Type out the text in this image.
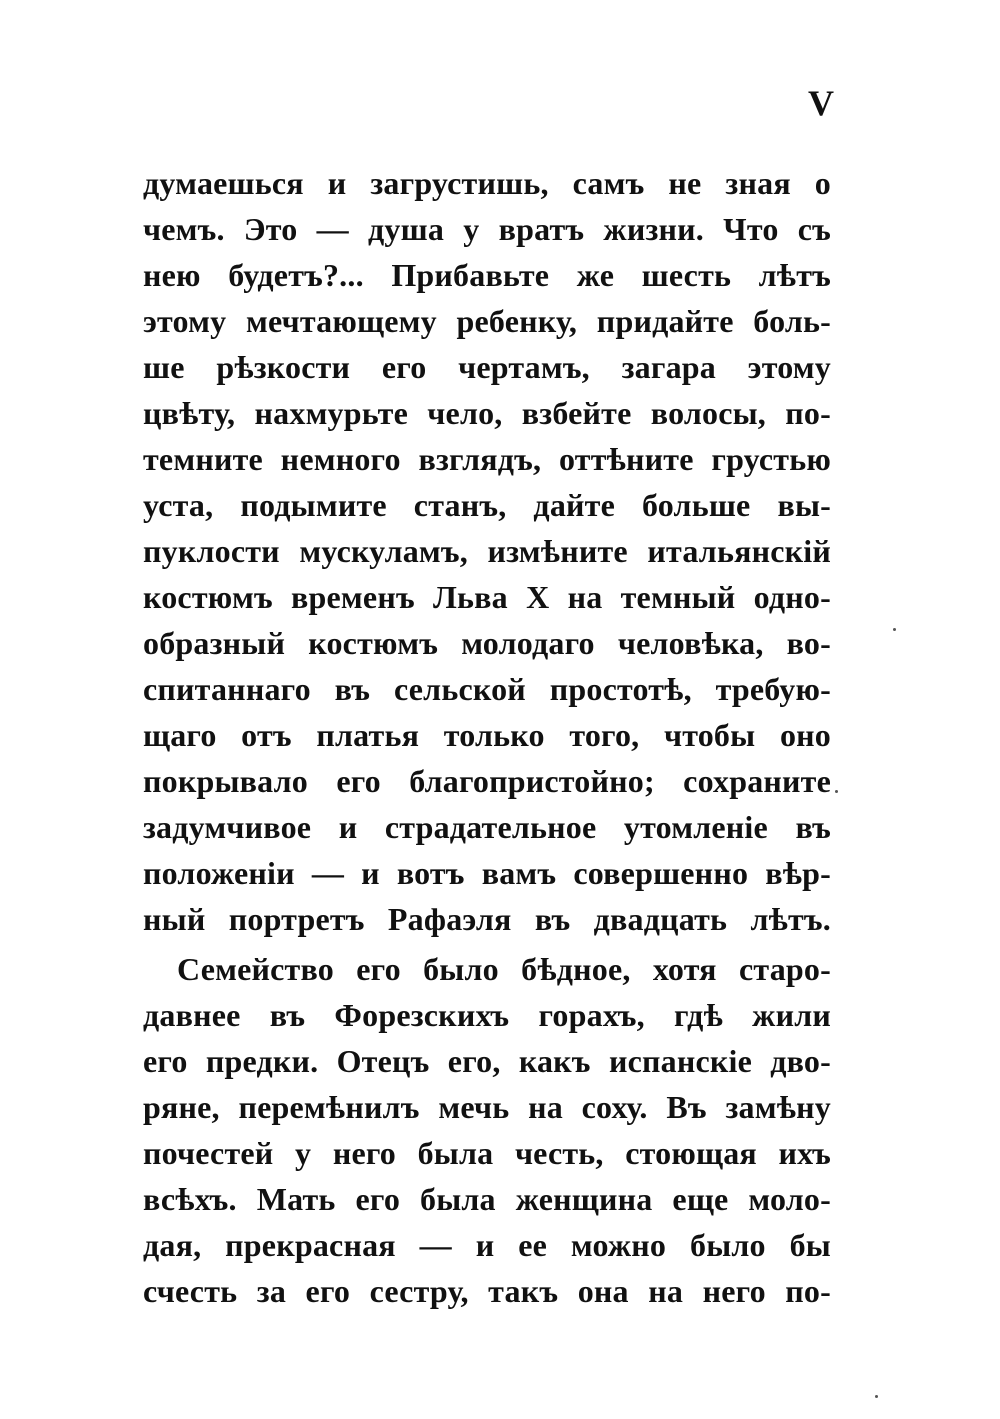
V
думаешься и загрустишь, самъ не зная о
чемъ. Это — душа у вратъ жизни. Что съ
нею будетъ?... Прибавьте же шесть лѣтъ
этому мечтающему ребенку, придайте боль-
ше рѣзкости его чертамъ, загара этому
цвѣту, нахмурьте чело, взбейте волосы, по-
темните немного взглядъ, оттѣните грустью
уста, подымите станъ, дайте больше вы-
пуклости мускуламъ, измѣните итальянскій
костюмъ временъ Льва X на темный одно-
образный костюмъ молодаго человѣка, во-
спитаннаго въ сельской простотѣ, требую-
щаго отъ платья только того, чтобы оно
покрывало его благопристойно; сохраните
задумчивое и страдательное утомленіе въ
положеніи — и вотъ вамъ совершенно вѣр-
ный портретъ Рафаэля въ двадцать лѣтъ.
Семейство его было бѣдное, хотя старо-
давнее въ Форезскихъ горахъ, гдѣ жили
его предки. Отецъ его, какъ испанскіе дво-
ряне, перемѣнилъ мечь на соху. Въ замѣну
почестей у него была честь, стоющая ихъ
всѣхъ. Мать его была женщина еще моло-
дая, прекрасная — и ее можно было бы
счесть за его сестру, такъ она на него по-
